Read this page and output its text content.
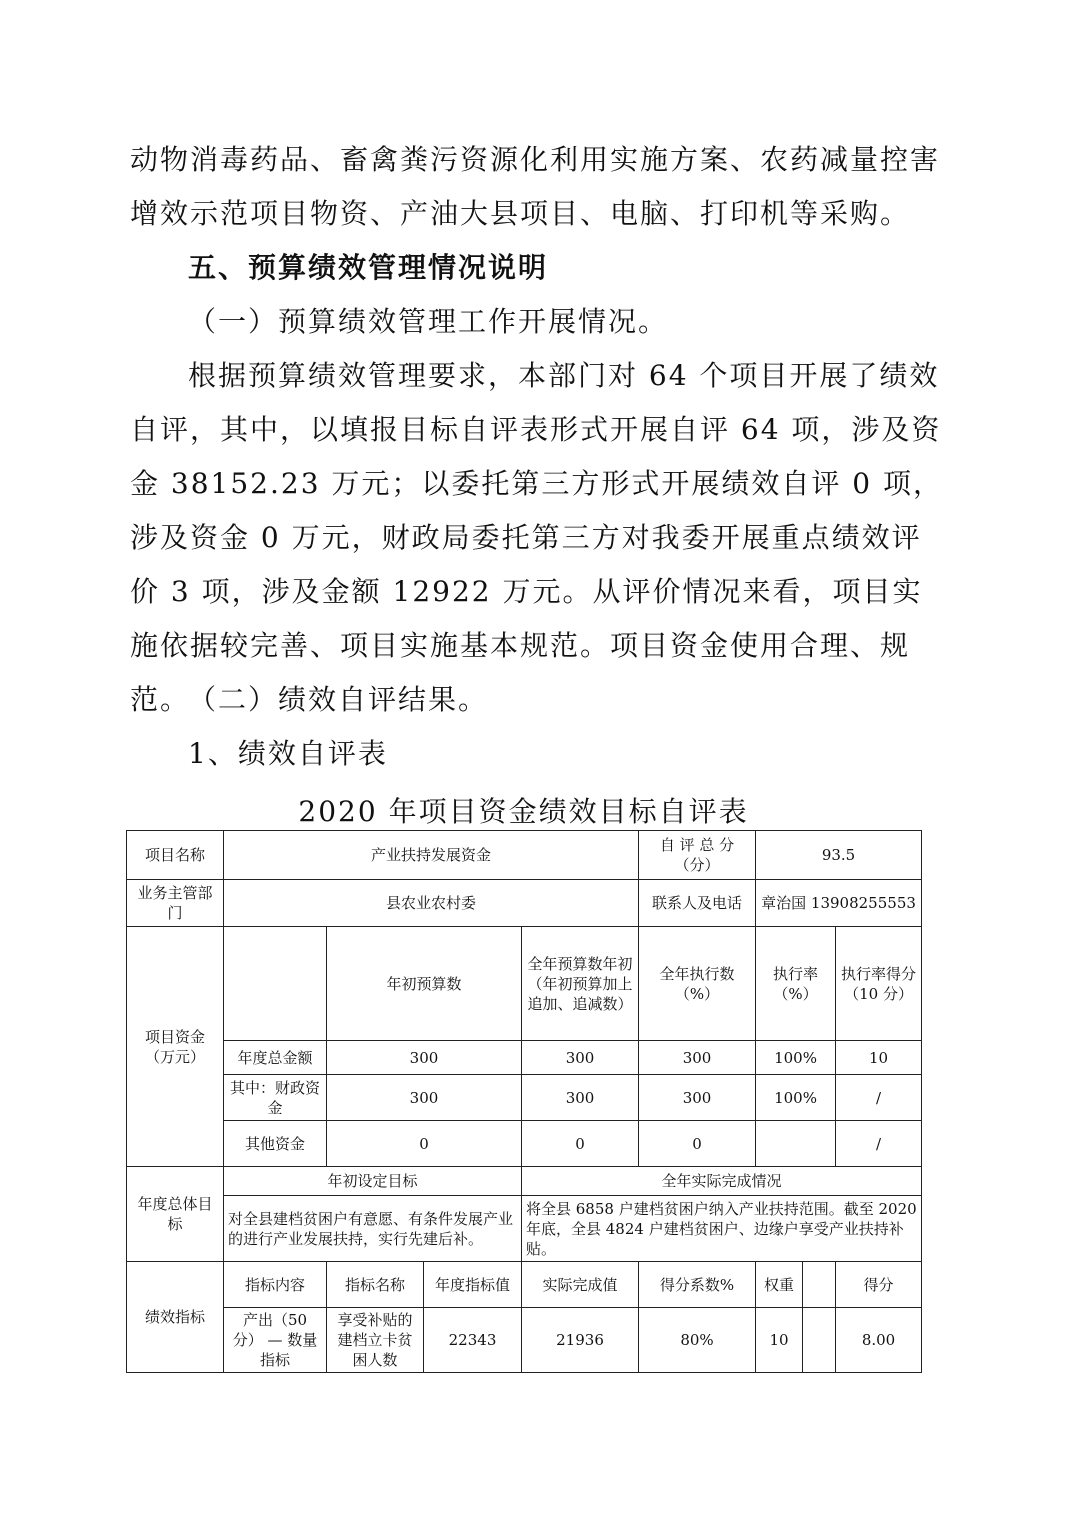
动物消毒药品、畜禽粪污资源化利用实施方案、农药减量控害增效示范项目物资、产油大县项目、电脑、打印机等采购。

五、预算绩效管理情况说明

（一）预算绩效管理工作开展情况。

根据预算绩效管理要求，本部门对 64 个项目开展了绩效自评，其中，以填报目标自评表形式开展自评 64 项，涉及资金 38152.23 万元；以委托第三方形式开展绩效自评 0 项，涉及资金 0 万元，财政局委托第三方对我委开展重点绩效评价 3 项，涉及金额 12922 万元。从评价情况来看，项目实施依据较完善、项目实施基本规范。项目资金使用合理、规范。

（二）绩效自评结果。

1、绩效自评表

2020 年项目资金绩效目标自评表
项目名称	产业扶持发展资金				自 评 总 分（分）	93.5		
业务主管部门	县农业农村委				联系人及电话	章治国 13908255553		
项目资金（万元）		年初预算数		全年预算数年初（年初预算加上追加、追减数）	全年执行数（%）	执行率（%）		执行率得分（10 分）
	年度总金额	300		300	300	100%		10
	其中：财政资金	300		300	300	100%		/
	其他资金	0		0	0			/
年度总体目标	年初设定目标			全年实际完成情况				
	对全县建档贫困户有意愿、有条件发展产业的进行产业发展扶持，实行先建后补。			将全县 6858 户建档贫困户纳入产业扶持范围。截至 2020 年底，全县 4824 户建档贫困户、边缘户享受产业扶持补贴。				
绩效指标	指标内容	指标名称	年度指标值	实际完成值	得分系数%	权重		得分
	产出（50 分） — 数量指标	享受补贴的建档立卡贫困人数	22343	21936	80%	10		8.00
